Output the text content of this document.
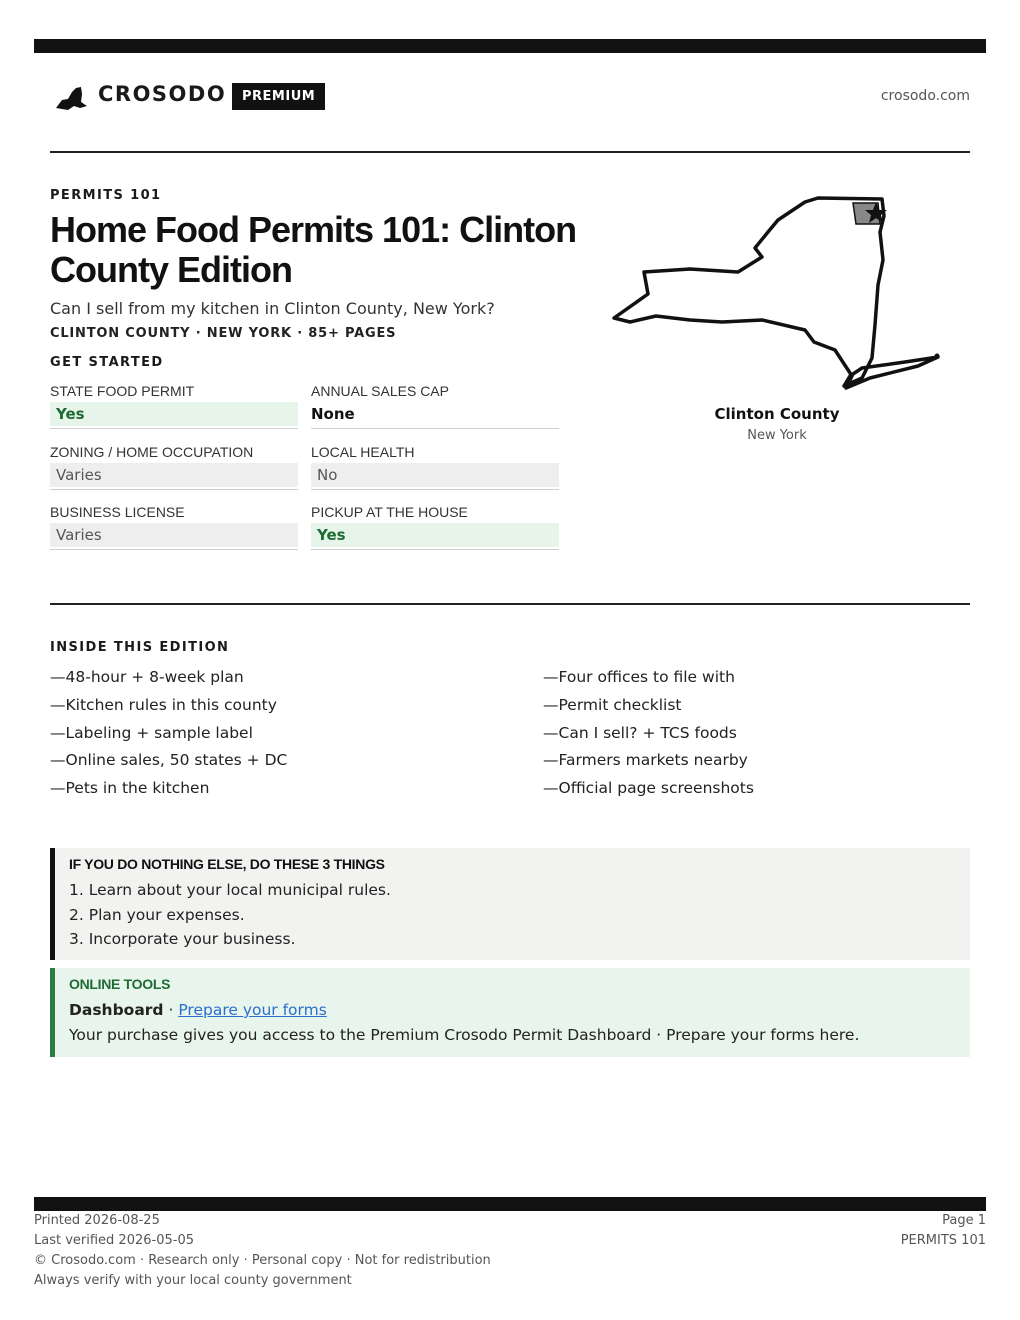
CROSODO	PREMIUM	crosodo.com
PERMITS 101
Home Food Permits 101: Clinton County Edition
Can I sell from my kitchen in Clinton County, New York?
CLINTON COUNTY · NEW YORK · 85+ PAGES
GET STARTED
STATE FOOD PERMIT
Yes
ANNUAL SALES CAP
None
ZONING / HOME OCCUPATION
Varies
LOCAL HEALTH
No
BUSINESS LICENSE
Varies
PICKUP AT THE HOUSE
Yes
Clinton County
New York
INSIDE THIS EDITION
—48-hour + 8-week plan
—Kitchen rules in this county
—Labeling + sample label
—Online sales, 50 states + DC
—Pets in the kitchen
—Four offices to file with
—Permit checklist
—Can I sell? + TCS foods
—Farmers markets nearby
—Official page screenshots
IF YOU DO NOTHING ELSE, DO THESE 3 THINGS
1. Learn about your local municipal rules.
2. Plan your expenses.
3. Incorporate your business.
ONLINE TOOLS
Dashboard · Prepare your forms
Your purchase gives you access to the Premium Crosodo Permit Dashboard · Prepare your forms here.
Printed 2026-08-25
Last verified 2026-05-05
© Crosodo.com · Research only · Personal copy · Not for redistribution
Always verify with your local county government
Page 1
PERMITS 101
